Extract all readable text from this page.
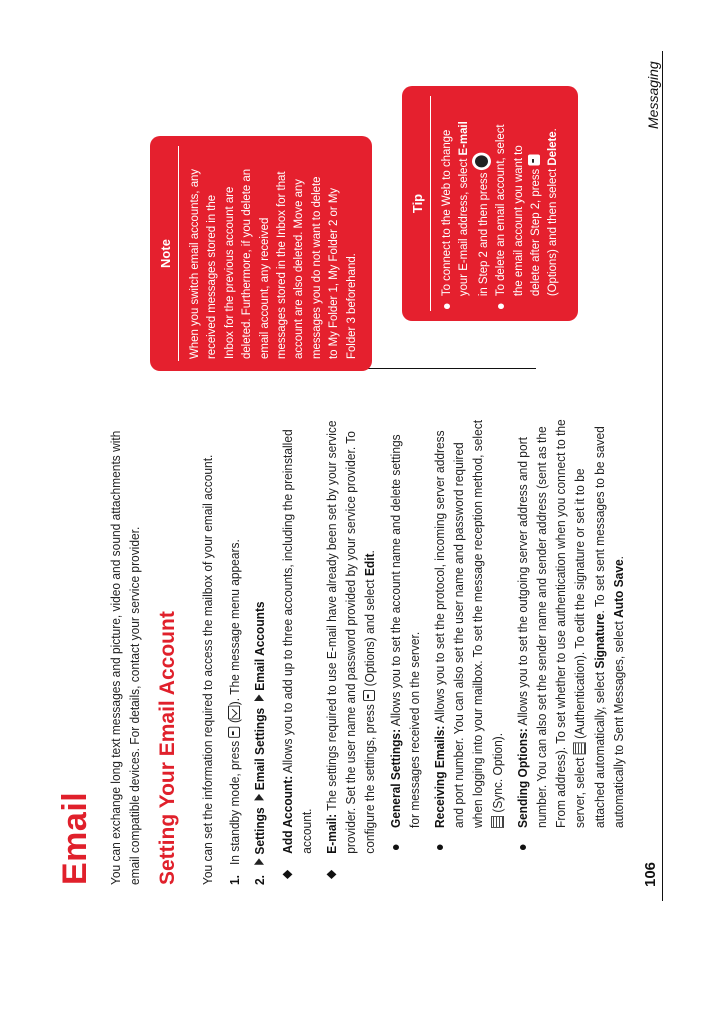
Email You can exchange long text messages and picture, video and sound attachments with email compatible devices. For details, contact your service provider. Setting Your Email Account You can set the information required to access the mailbox of your email account. 1.   In standby mode, press  (). The message menu appears.
2.  Settings Email Settings Email Accounts
Add Account: Allows you to add up to three accounts, including the preinstalled
account. E-mail: The settings required to use E-mail have already been set by your service provider. Set the user name and password provided by your service provider. To configure the settings, press  (Options) and select Edit.
General Settings: Allows you to set the account name and delete settings
for messages received on the server. Receiving Emails: Allows you to set the protocol, incoming server address and port number. You can also set the user name and password required when logging into your mailbox. To set the message reception method, select (Sync. Option). Sending Options: Allows you to set the outgoing server address and port number. You can also set the sender name and sender address (sent as the From address). To set whether to use authentication when you connect to the server, select  (Authentication). To edit the signature or set it to be
attached automatically, select Signature. To set sent messages to be saved
automatically to Sent Messages, select Auto Save.
Note When you switch email accounts, any received messages stored in the Inbox for the previous account are deleted. Furthermore, if you delete an email account, any received messages stored in the Inbox for that account are also deleted. Move any messages you do not want to delete to My Folder 1, My Folder 2 or My Folder 3 beforehand.
Tip To connect to the Web to change your E-mail address, select E-mail
in Step 2 and then press To delete an email account, select the email account you want to delete after Step 2, press (Options) and then select Delete.
106
Messaging
